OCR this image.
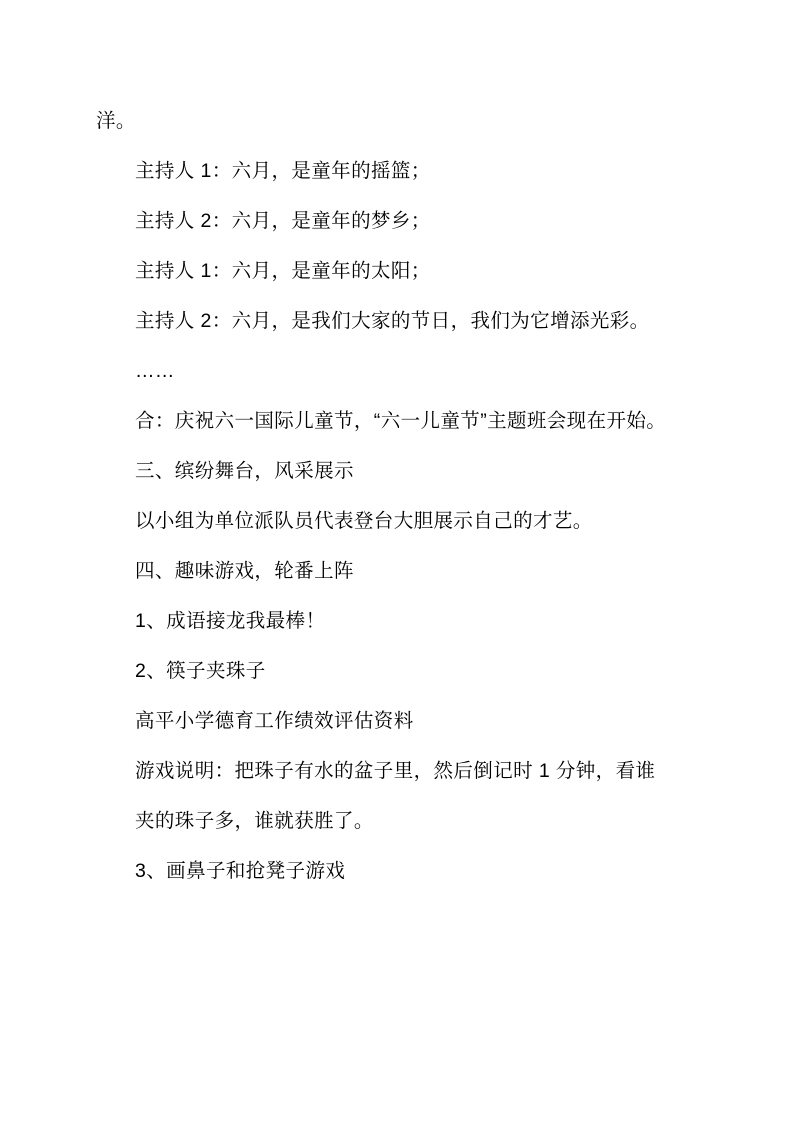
洋。

主持人 1：六月，是童年的摇篮；

主持人 2：六月，是童年的梦乡；

主持人 1：六月，是童年的太阳；

主持人 2：六月，是我们大家的节日，我们为它增添光彩。

……

合：庆祝六一国际儿童节，“六一儿童节”主题班会现在开始。

三、缤纷舞台，风采展示

以小组为单位派队员代表登台大胆展示自己的才艺。

四、趣味游戏，轮番上阵

1、成语接龙我最棒！

2、筷子夹珠子

高平小学德育工作绩效评估资料

游戏说明：把珠子有水的盆子里，然后倒记时 1 分钟，看谁

夹的珠子多，谁就获胜了。

3、画鼻子和抢凳子游戏
